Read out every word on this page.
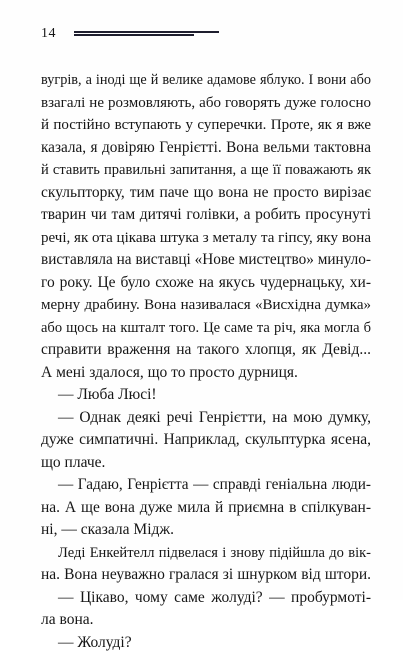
14
вугрів, а іноді ще й велике адамове яблуко. І вони або
взагалі не розмовляють, або говорять дуже голосно
й постійно вступають у суперечки. Проте, як я вже
казала, я довіряю Генрієтті. Вона вельми тактовна
й ставить правильні запитання, а ще її поважають як
скульпторку, тим паче що вона не просто вирізає
тварин чи там дитячі голівки, а робить просунуті
речі, як ота цікава штука з металу та гіпсу, яку вона
виставляла на виставці «Нове мистецтво» минуло-
го року. Це було схоже на якусь чудернацьку, хи-
мерну драбину. Вона називалася «Висхідна думка»
або щось на кшталт того. Це саме та річ, яка могла б
справити враження на такого хлопця, як Девід...
А мені здалося, що то просто дурниця.
— Люба Люсі!
— Однак деякі речі Генрієтти, на мою думку,
дуже симпатичні. Наприклад, скульптурка ясена,
що плаче.
— Гадаю, Генрієтта — справді геніальна люди-
на. А ще вона дуже мила й приємна в спілкуван-
ні, — сказала Мідж.
Леді Енкейтелл підвелася і знову підійшла до вік-
на. Вона неуважно гралася зі шнурком від штори.
— Цікаво, чому саме жолуді? — пробурмоті-
ла вона.
— Жолуді?
